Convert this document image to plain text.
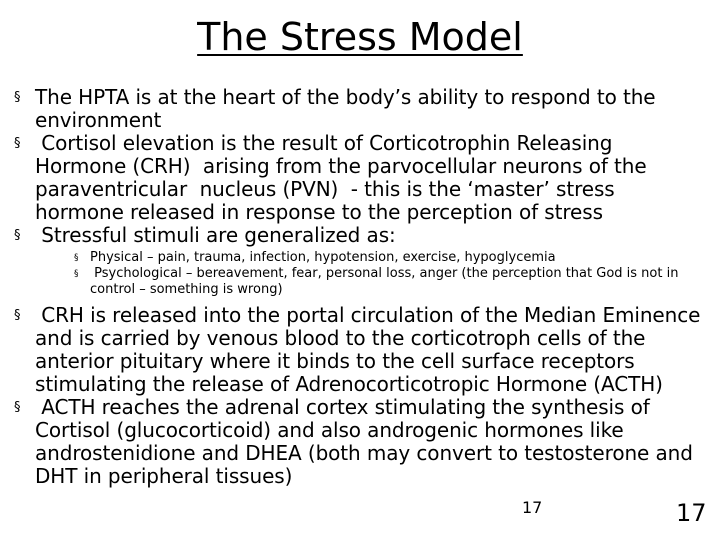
The Stress Model
§ The HPTA is at the heart of the body’s ability to respond to the environment
§ Cortisol elevation is the result of Corticotrophin Releasing Hormone (CRH)  arising from the parvocellular neurons of the paraventricular  nucleus (PVN)  - this is the ‘master’ stress hormone released in response to the perception of stress
§ Stressful stimuli are generalized as:
§ Physical – pain, trauma, infection, hypotension, exercise, hypoglycemia
§ Psychological – bereavement, fear, personal loss, anger (the perception that God is not in control – something is wrong)
§ CRH is released into the portal circulation of the Median Eminence  and is carried by venous blood to the corticotroph cells of the anterior pituitary where it binds to the cell surface receptors stimulating the release of Adrenocorticotropic Hormone (ACTH)
§ ACTH reaches the adrenal cortex stimulating the synthesis of Cortisol (glucocorticoid) and also androgenic hormones like androstenidione and DHEA (both may convert to testosterone and DHT in peripheral tissues)
17	17
